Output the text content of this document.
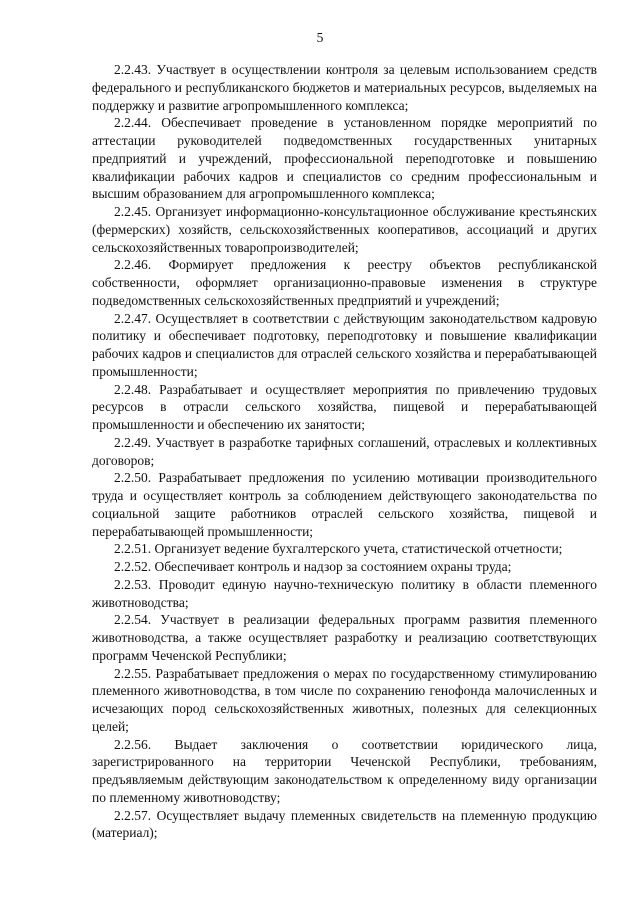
5

2.2.43. Участвует в осуществлении контроля за целевым использованием средств федерального и республиканского бюджетов и материальных ресурсов, выделяемых на поддержку и развитие агропромышленного комплекса;

2.2.44. Обеспечивает проведение в установленном порядке мероприятий по аттестации руководителей подведомственных государственных унитарных предприятий и учреждений, профессиональной переподготовке и повышению квалификации рабочих кадров и специалистов со средним профессиональным и высшим образованием для агропромышленного комплекса;

2.2.45. Организует информационно-консультационное обслуживание крестьянских (фермерских) хозяйств, сельскохозяйственных кооперативов, ассоциаций и других сельскохозяйственных товаропроизводителей;

2.2.46. Формирует предложения к реестру объектов республиканской собственности, оформляет организационно-правовые изменения в структуре подведомственных сельскохозяйственных предприятий и учреждений;

2.2.47. Осуществляет в соответствии с действующим законодательством кадровую политику и обеспечивает подготовку, переподготовку и повышение квалификации рабочих кадров и специалистов для отраслей сельского хозяйства и перерабатывающей промышленности;

2.2.48. Разрабатывает и осуществляет мероприятия по привлечению трудовых ресурсов в отрасли сельского хозяйства, пищевой и перерабатывающей промышленности и обеспечению их занятости;

2.2.49. Участвует в разработке тарифных соглашений, отраслевых и коллективных договоров;

2.2.50. Разрабатывает предложения по усилению мотивации производительного труда и осуществляет контроль за соблюдением действующего законодательства по социальной защите работников отраслей сельского хозяйства, пищевой и перерабатывающей промышленности;

2.2.51. Организует ведение бухгалтерского учета, статистической отчетности;

2.2.52. Обеспечивает контроль и надзор за состоянием охраны труда;

2.2.53. Проводит единую научно-техническую политику в области племенного животноводства;

2.2.54. Участвует в реализации федеральных программ развития племенного животноводства, а также осуществляет разработку и реализацию соответствующих программ Чеченской Республики;

2.2.55. Разрабатывает предложения о мерах по государственному стимулированию племенного животноводства, в том числе по сохранению генофонда малочисленных и исчезающих пород сельскохозяйственных животных, полезных для селекционных целей;

2.2.56. Выдает заключения о соответствии юридического лица, зарегистрированного на территории Чеченской Республики, требованиям, предъявляемым действующим законодательством к определенному виду организации по племенному животноводству;

2.2.57. Осуществляет выдачу племенных свидетельств на племенную продукцию (материал);
